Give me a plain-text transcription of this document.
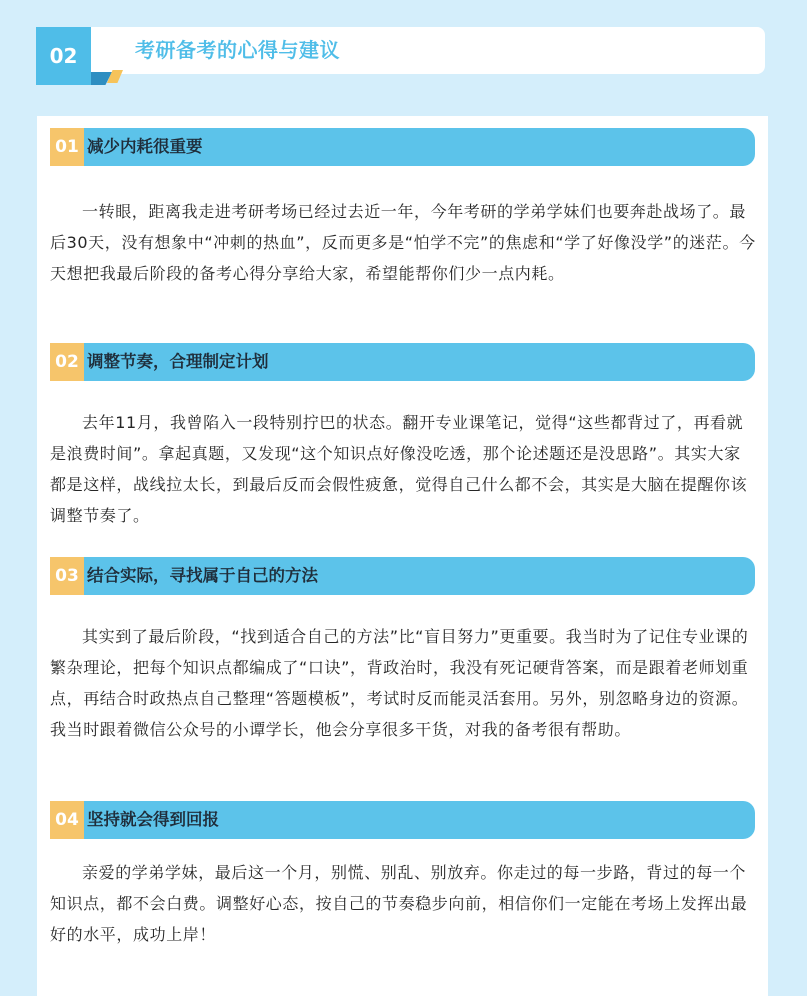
02	考研备考的心得与建议
01 减少内耗很重要

一转眼，距离我走进考研考场已经过去近一年，今年考研的学弟学妹们也要奔赴战场了。最后30天，没有想象中“冲刺的热血”，反而更多是“怕学不完”的焦虑和“学了好像没学”的迷茫。今天想把我最后阶段的备考心得分享给大家，希望能帮你们少一点内耗。

02 调整节奏，合理制定计划

去年11月，我曾陷入一段特别拧巴的状态。翻开专业课笔记，觉得“这些都背过了，再看就是浪费时间”。拿起真题，又发现“这个知识点好像没吃透，那个论述题还是没思路”。其实大家都是这样，战线拉太长，到最后反而会假性疲惫，觉得自己什么都不会，其实是大脑在提醒你该调整节奏了。

03 结合实际，寻找属于自己的方法

其实到了最后阶段，“找到适合自己的方法”比“盲目努力”更重要。我当时为了记住专业课的繁杂理论，把每个知识点都编成了“口诀”，背政治时，我没有死记硬背答案，而是跟着老师划重点，再结合时政热点自己整理“答题模板”，考试时反而能灵活套用。另外，别忽略身边的资源。我当时跟着微信公众号的小谭学长，他会分享很多干货，对我的备考很有帮助。

04 坚持就会得到回报

亲爱的学弟学妹，最后这一个月，别慌、别乱、别放弃。你走过的每一步路，背过的每一个知识点，都不会白费。调整好心态，按自己的节奏稳步向前，相信你们一定能在考场上发挥出最好的水平，成功上岸！
